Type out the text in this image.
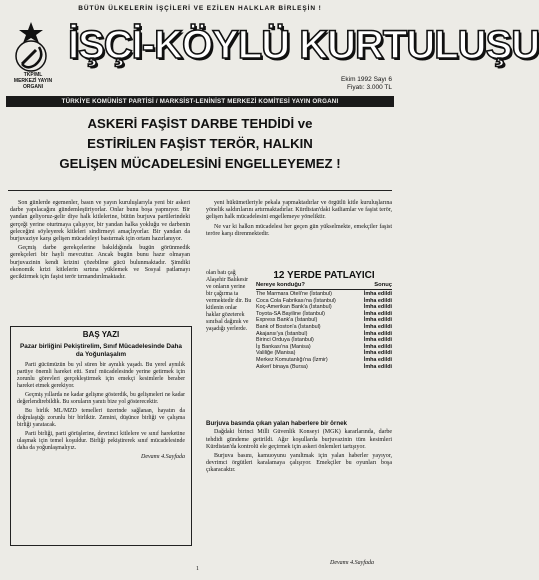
BÜTÜN ÜLKELERİN İŞÇİLERİ VE EZİLEN HALKLAR BİRLEŞİN !
TKP/ML
MERKEZİ YAYIN ORGANI
İŞÇİ-KÖYLÜ KURTULUŞU
Ekim 1992 Sayı 6
Fiyatı: 3.000 TL
TÜRKİYE KOMÜNİST PARTİSİ / MARKSİST-LENİNİST MERKEZİ KOMİTESİ YAYIN ORGANI
ASKERİ FAŞİST DARBE TEHDİDİ ve
ESTİRİLEN FAŞİST TERÖR, HALKIN
GELİŞEN MÜCADELESİNİ ENGELLEYEMEZ !

Son günlerde egemenler, basın ve yayın kuruluşlarıyla yeni bir askeri darbe yapılacağını gündemleştiriyorlar. Onlar bunu boşa yapmıyor. Bir yandan geliyoruz-gelir diye halk kitlelerine, bütün burjuva partilerindeki gerçeği yerine oturtmaya çalışıyor, bir yandan halka yokluğu ve darbenin geleceğini söyleyerek kitleleri sindirmeyi amaçlıyorlar. Bir yandan da burjuvaziye karşı gelişen mücadeleyi bastırmak için ortam hazırlanıyor.

Geçmiş darbe gerekçelerine bakıldığında bugün görünmedik gerekçeleri bir hayli mevcuttur. Ancak bugün bunu hazır olmayan burjuvazinin kendi krizini çözebilme gücü bulunmaktadır. Şimdiki ekonomik krizi kitlelerin sırtına yüklemek ve Sosyal patlamayı geciktirmek için faşist terör tırmandırılmaktadır.

BAŞ YAZI
Pazar birliğini Pekiştirelim, Sınıf Mücadelesinde Daha da Yoğunlaşalım

Parti gücümüzün bu yıl süren bir aynılık yaşadı. Bu yerel aynılık partiye önemli hareket etti. Sınıf mücadelesinde yerine getirmek için zorunlu görevleri gerçekleştirmek için emekçi kesimlerle beraber hareket etmek gerekiyor.

Geçmiş yıllarda ne kadar gelişme gösterdik, bu gelişmeleri ne kadar değerlendirebildik. Bu soruların yanıtı bize yol gösterecektir.

Bu birlik ML/MZD temelleri üzerinde sağlanan, hayatın da doğrulaştığı zorunlu bir birliktir. Zemini, düşünce birliği ve çalışma birliği yaratacak.

Parti birliği, parti görüşlerine, devrimci kitlelere ve sınıf hareketine ulaşmak için temel koşuldur. Birliği pekiştirerek sınıf mücadelesinde daha da yoğunlaşmalıyız.

Devamı 4.Sayfada

yeni hükümetleriyle pekala yapmaktadırlar ve örgütlü kitle kuruluşlarına yönelik saldırılarını artırmaktadırlar. Kürdistan'daki katliamlar ve faşist terör, gelişen halk mücadelesini engellemeye yöneliktir.

Ne var ki halkın mücadelesi her geçen gün yükselmekte, emekçiler faşist teröre karşı direnmektedir.

olan batı çağ Alaşehir Balıkesir ve onların yerine bir çağırma ta vermektedir dir. Bu kitlenin onlar haklar gözeterek sınıfsal dağınık ve yaşadığı yerlerde.

12 YERDE PATLAYICI
Nereye konduğu?	Sonuç
The Marmara Oteli'ne (İstanbul)	İmha edildi
Coca Cola Fabrikası'na (İstanbul)	İmha edildi
Koç-Amerikan Bank'a (İstanbul)	İmha edildi
Toyota-SA Bayiline (İstanbul)	İmha edildi
Express Bank'a (İstanbul)	İmha edildi
Bank of Boston'a (İstanbul)	İmha edildi
Akajansı'ya (İstanbul)	İmha edildi
Birinci Orduya (İstanbul)	İmha edildi
İş Bankası'na (Manisa)	İmha edildi
Valiliğe (Manisa)	İmha edildi
Merkez Komutanlığı'na (İzmir)	İmha edildi
Askerî binaya (Bursa)	İmha edildi
Burjuva basında çıkan yalan haberlere bir örnek

Dağdaki birinci Milli Güvenlik Konseyi (MGK) kararlarında, darbe tehdidi gündeme getirildi. Ağır koşullarda burjuvazinin tüm kesimleri Kürdistan'da kontrolü ele geçirmek için askeri önlemleri tartışıyor.

Burjuva basını, kamuoyunu yanıltmak için yalan haberler yayıyor, devrimci örgütleri karalamaya çalışıyor. Emekçiler bu oyunları boşa çıkaracaktır.

Devamı 4.Sayfada
1
